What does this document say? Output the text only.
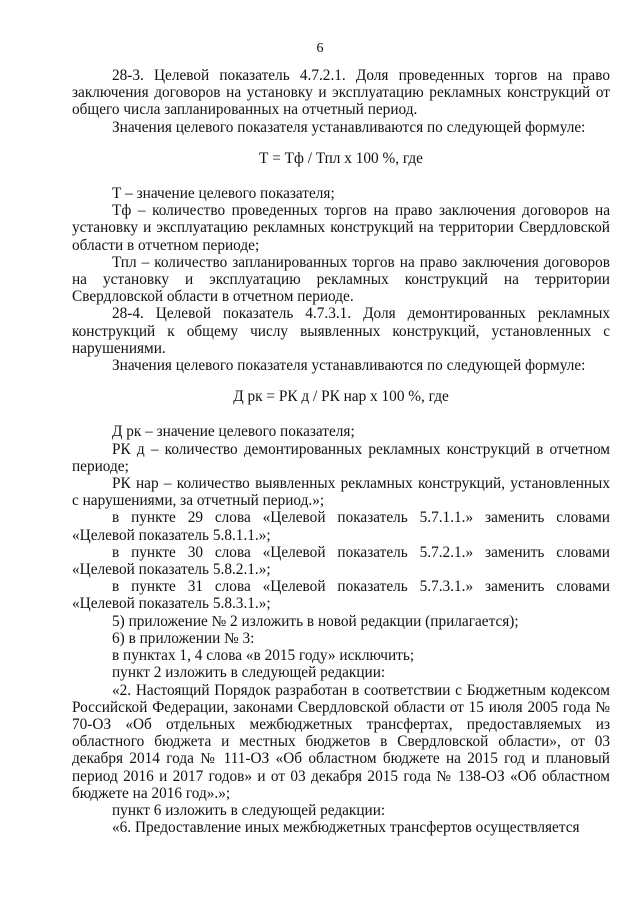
6

28-3. Целевой показатель 4.7.2.1. Доля проведенных торгов на право заключения договоров на установку и эксплуатацию рекламных конструкций от общего числа запланированных на отчетный период.

Значения целевого показателя устанавливаются по следующей формуле:

Т = Тф / Тпл х 100 %, где

Т – значение целевого показателя;

Тф – количество проведенных торгов на право заключения договоров на установку и эксплуатацию рекламных конструкций на территории Свердловской области в отчетном периоде;

Тпл – количество запланированных торгов на право заключения договоров на установку и эксплуатацию рекламных конструкций на территории Свердловской области в отчетном периоде.

28-4. Целевой показатель 4.7.3.1. Доля демонтированных рекламных конструкций к общему числу выявленных конструкций, установленных с нарушениями.

Значения целевого показателя устанавливаются по следующей формуле:

Д рк = РК д / РК нар х 100 %, где

Д рк – значение целевого показателя;

РК д – количество демонтированных рекламных конструкций в отчетном периоде;

РК нар – количество выявленных рекламных конструкций, установленных с нарушениями, за отчетный период.»;

в пункте 29 слова «Целевой показатель 5.7.1.1.» заменить словами «Целевой показатель 5.8.1.1.»;

в пункте 30 слова «Целевой показатель 5.7.2.1.» заменить словами «Целевой показатель 5.8.2.1.»;

в пункте 31 слова «Целевой показатель 5.7.3.1.» заменить словами «Целевой показатель 5.8.3.1.»;

5) приложение № 2 изложить в новой редакции (прилагается);

6) в приложении № 3:

в пунктах 1, 4 слова «в 2015 году» исключить;

пункт 2 изложить в следующей редакции:

«2. Настоящий Порядок разработан в соответствии с Бюджетным кодексом Российской Федерации, законами Свердловской области от 15 июля 2005 года № 70-ОЗ «Об отдельных межбюджетных трансфертах, предоставляемых из областного бюджета и местных бюджетов в Свердловской области», от 03 декабря 2014 года № 111-ОЗ «Об областном бюджете на 2015 год и плановый период 2016 и 2017 годов» и от 03 декабря 2015 года № 138-ОЗ «Об областном бюджете на 2016 год».»;

пункт 6 изложить в следующей редакции:

«6. Предоставление иных межбюджетных трансфертов осуществляется
